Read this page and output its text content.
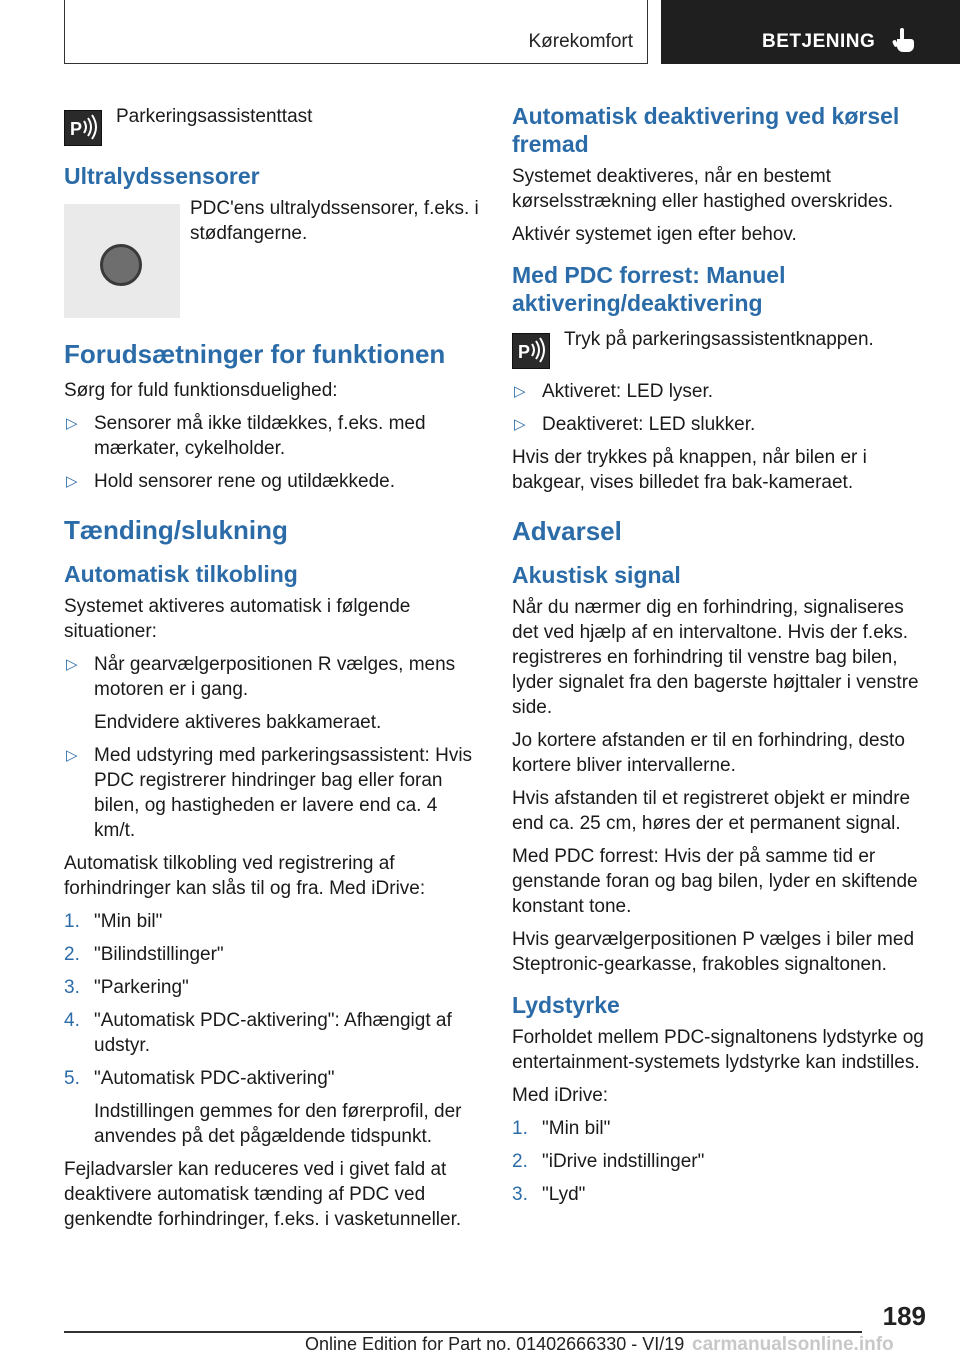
Kørekomfort	BETJENING
P
Parkeringsassistenttast
Ultralydssensorer
PDC'ens ultralydssensorer, f.eks. i stødfangerne.
Forudsætninger for funktionen

Sørg for fuld funktionsduelighed:

▷ Sensorer må ikke tildækkes, f.eks. med mærkater, cykelholder.
▷ Hold sensorer rene og utildækkede.
Tænding/slukning
Automatisk tilkobling

Systemet aktiveres automatisk i følgende situationer:

▷ Når gearvælgerpositionen R vælges, mens motoren er i gang.
Endvidere aktiveres bakkameraet.
▷ Med udstyring med parkeringsassistent: Hvis PDC registrerer hindringer bag eller foran bilen, og hastigheden er lavere end ca. 4 km/t.

Automatisk tilkobling ved registrering af forhindringer kan slås til og fra. Med iDrive:

1. "Min bil"
2. "Bilindstillinger"
3. "Parkering"
4. "Automatisk PDC-aktivering": Afhængigt af udstyr.
5. "Automatisk PDC-aktivering"
Indstillingen gemmes for den førerprofil, der anvendes på det pågældende tidspunkt.

Fejladvarsler kan reduceres ved i givet fald at deaktivere automatisk tænding af PDC ved genkendte forhindringer, f.eks. i vasketunneller.

Automatisk deaktivering ved kørsel fremad

Systemet deaktiveres, når en bestemt kørselsstrækning eller hastighed overskrides.

Aktivér systemet igen efter behov.

Med PDC forrest: Manuel aktivering/deaktivering
P
Tryk på parkeringsassistentknappen.
▷ Aktiveret: LED lyser.
▷ Deaktiveret: LED slukker.

Hvis der trykkes på knappen, når bilen er i bakgear, vises billedet fra bak-kameraet.

Advarsel
Akustisk signal

Når du nærmer dig en forhindring, signaliseres det ved hjælp af en intervaltone. Hvis der f.eks. registreres en forhindring til venstre bag bilen, lyder signalet fra den bagerste højttaler i venstre side.

Jo kortere afstanden er til en forhindring, desto kortere bliver intervallerne.

Hvis afstanden til et registreret objekt er mindre end ca. 25 cm, høres der et permanent signal.

Med PDC forrest: Hvis der på samme tid er genstande foran og bag bilen, lyder en skiftende konstant tone.

Hvis gearvælgerpositionen P vælges i biler med Steptronic-gearkasse, frakobles signaltonen.

Lydstyrke

Forholdet mellem PDC-signaltonens lydstyrke og entertainment-systemets lydstyrke kan indstilles.

Med iDrive:

1. "Min bil"
2. "iDrive indstillinger"
3. "Lyd"
189
Online Edition for Part no. 01402666330 - VI/19 carmanualsonline.info
